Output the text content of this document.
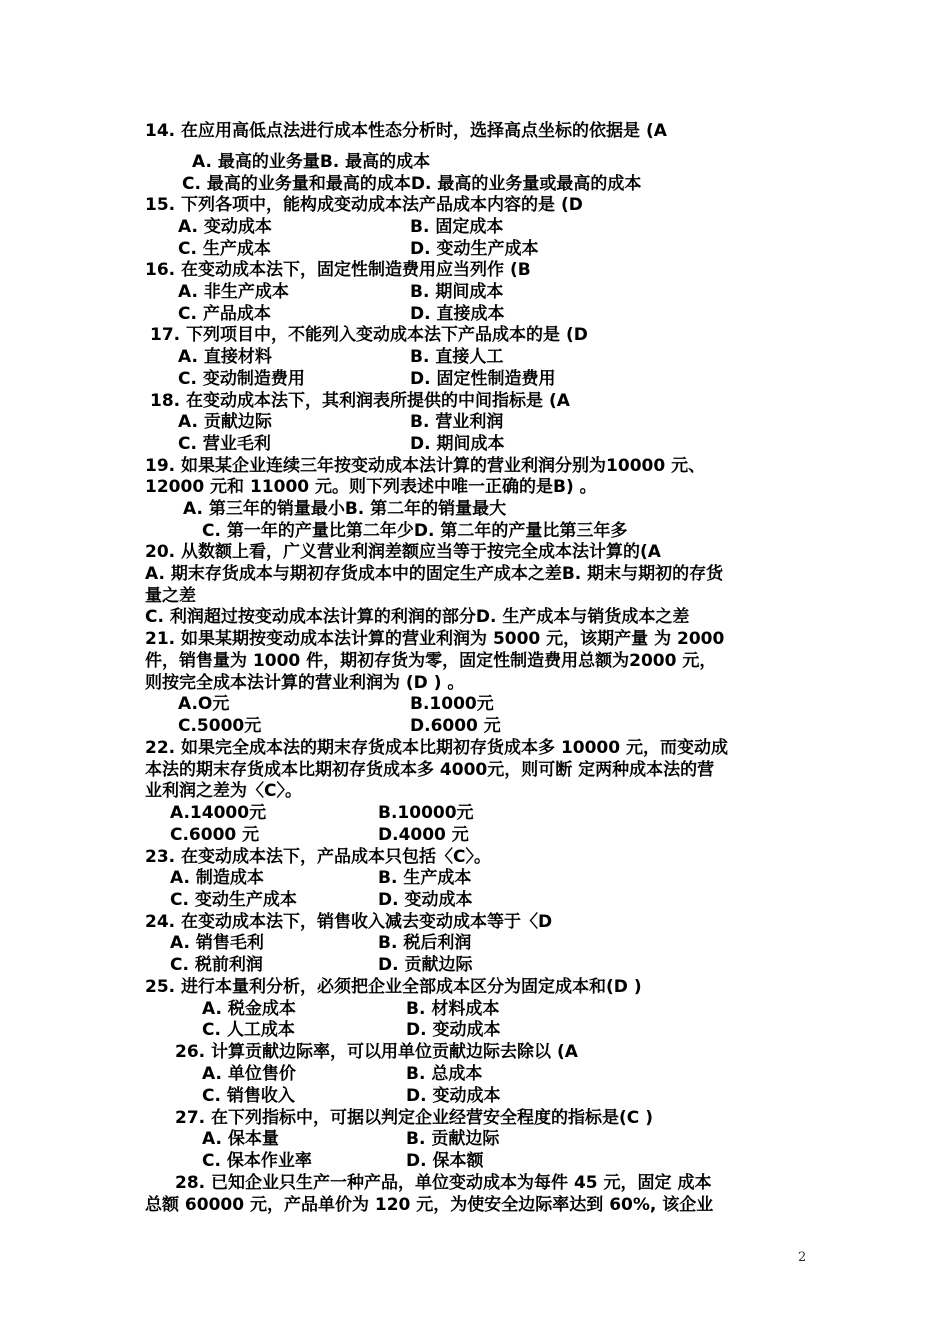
14. 在应用高低点法进行成本性态分析时，选择高点坐标的依据是 (A
A. 最高的业务量B. 最高的成本
C. 最高的业务量和最高的成本D. 最高的业务量或最高的成本
15. 下列各项中，能构成变动成本法产品成本内容的是 (D
A. 变动成本	B. 固定成本
C. 生产成本	D. 变动生产成本
16. 在变动成本法下，固定性制造费用应当列作 (B
A. 非生产成本	B. 期间成本
C. 产品成本	D. 直接成本
17. 下列项目中，不能列入变动成本法下产品成本的是 (D
A. 直接材料	B. 直接人工
C. 变动制造费用	D. 固定性制造费用
18. 在变动成本法下，其利润表所提供的中间指标是 (A
A. 贡献边际	B. 营业利润
C. 营业毛利	D. 期间成本
19. 如果某企业连续三年按变动成本法计算的营业利润分别为10000 元、
12000 元和 11000 元。则下列表述中唯一正确的是B) 。
A. 第三年的销量最小B. 第二年的销量最大
C. 第一年的产量比第二年少D. 第二年的产量比第三年多
20. 从数额上看，广义营业利润差额应当等于按完全成本法计算的(A
A. 期末存货成本与期初存货成本中的固定生产成本之差B. 期末与期初的存货
量之差
C. 利润超过按变动成本法计算的利润的部分D. 生产成本与销货成本之差
21. 如果某期按变动成本法计算的营业利润为 5000 元，该期产量 为 2000
件，销售量为 1000 件，期初存货为零，固定性制造费用总额为2000 元，
则按完全成本法计算的营业利润为 (D ) 。
A.O元	B.1000元
C.5000元	D.6000 元
22. 如果完全成本法的期末存货成本比期初存货成本多 10000 元，而变动成
本法的期末存货成本比期初存货成本多 4000元，则可断 定两种成本法的营
业利润之差为〈C〉。
A.14000元	B.10000元
C.6000 元	D.4000 元
23. 在变动成本法下，产品成本只包括〈C〉。
A. 制造成本	B. 生产成本
C. 变动生产成本	D. 变动成本
24. 在变动成本法下，销售收入减去变动成本等于〈D
A. 销售毛利	B. 税后利润
C. 税前利润	D. 贡献边际
25. 进行本量利分析，必须把企业全部成本区分为固定成本和(D )
A. 税金成本	B. 材料成本
C. 人工成本	D. 变动成本
26. 计算贡献边际率，可以用单位贡献边际去除以 (A
A. 单位售价	B. 总成本
C. 销售收入	D. 变动成本
27. 在下列指标中，可据以判定企业经营安全程度的指标是(C )
A. 保本量	B. 贡献边际
C. 保本作业率	D. 保本额
28. 已知企业只生产一种产品，单位变动成本为每件 45 元，固定 成本
总额 60000 元，产品单价为 120 元，为使安全边际率达到 60%, 该企业
2
